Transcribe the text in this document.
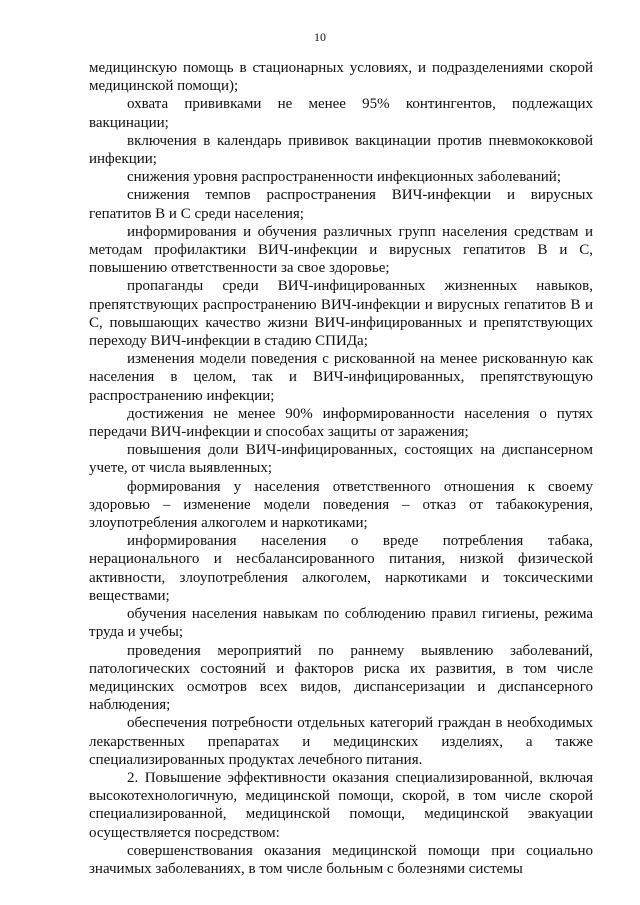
10

медицинскую помощь в стационарных условиях, и подразделениями скорой медицинской помощи);

охвата прививками не менее 95% контингентов, подлежащих вакцинации;

включения в календарь прививок вакцинации против пневмококковой инфекции;

снижения уровня распространенности инфекционных заболеваний;

снижения темпов распространения ВИЧ-инфекции и вирусных гепатитов В и С среди населения;

информирования и обучения различных групп населения средствам и методам профилактики ВИЧ-инфекции и вирусных гепатитов В и С, повышению ответственности за свое здоровье;

пропаганды среди ВИЧ-инфицированных жизненных навыков, препятствующих распространению ВИЧ-инфекции и вирусных гепатитов В и С, повышающих качество жизни ВИЧ-инфицированных и препятствующих переходу ВИЧ-инфекции в стадию СПИДа;

изменения модели поведения с рискованной на менее рискованную как населения в целом, так и ВИЧ-инфицированных, препятствующую распространению инфекции;

достижения не менее 90% информированности населения о путях передачи ВИЧ-инфекции и способах защиты от заражения;

повышения доли ВИЧ-инфицированных, состоящих на диспансерном учете, от числа выявленных;

формирования у населения ответственного отношения к своему здоровью – изменение модели поведения – отказ от табакокурения, злоупотребления алкоголем и наркотиками;

информирования населения о вреде потребления табака, нерационального и несбалансированного питания, низкой физической активности, злоупотребления алкоголем, наркотиками и токсическими веществами;

обучения населения навыкам по соблюдению правил гигиены, режима труда и учебы;

проведения мероприятий по раннему выявлению заболеваний, патологических состояний и факторов риска их развития, в том числе медицинских осмотров всех видов, диспансеризации и диспансерного наблюдения;

обеспечения потребности отдельных категорий граждан в необходимых лекарственных препаратах и медицинских изделиях, а также специализированных продуктах лечебного питания.

2. Повышение эффективности оказания специализированной, включая высокотехнологичную, медицинской помощи, скорой, в том числе скорой специализированной, медицинской помощи, медицинской эвакуации осуществляется посредством:

совершенствования оказания медицинской помощи при социально значимых заболеваниях, в том числе больным с болезнями системы
